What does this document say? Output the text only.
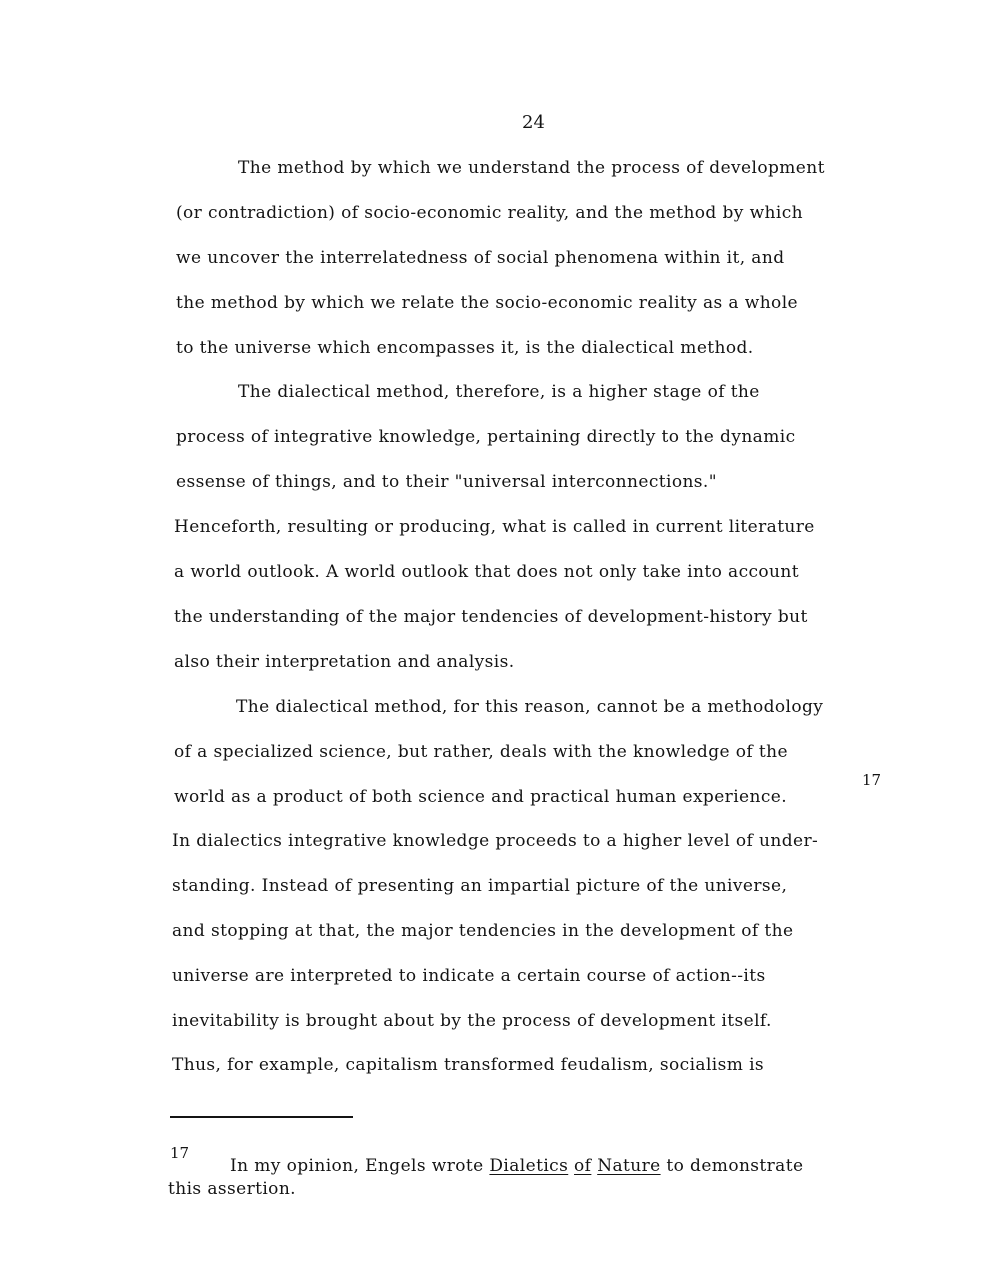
24
The method by which we understand the process of development
(or contradiction) of socio-economic reality, and the method by which
we uncover the interrelatedness of social phenomena within it, and
the method by which we relate the socio-economic reality as a whole
to the universe which encompasses it, is the dialectical method.
The dialectical method, therefore, is a higher stage of the
process of integrative knowledge, pertaining directly to the dynamic
essense of things, and to their "universal interconnections."
Henceforth, resulting or producing, what is called in current literature
a world outlook. A world outlook that does not only take into account
the understanding of the major tendencies of development-history but
also their interpretation and analysis.
The dialectical method, for this reason, cannot be a methodology
of a specialized science, but rather, deals with the knowledge of the
world as a product of both science and practical human experience.
17
In dialectics integrative knowledge proceeds to a higher level of under-
standing. Instead of presenting an impartial picture of the universe,
and stopping at that, the major tendencies in the development of the
universe are interpreted to indicate a certain course of action--its
inevitability is brought about by the process of development itself.
Thus, for example, capitalism transformed feudalism, socialism is
17
In my opinion, Engels wrote Dialetics of Nature to demonstrate
this assertion.
